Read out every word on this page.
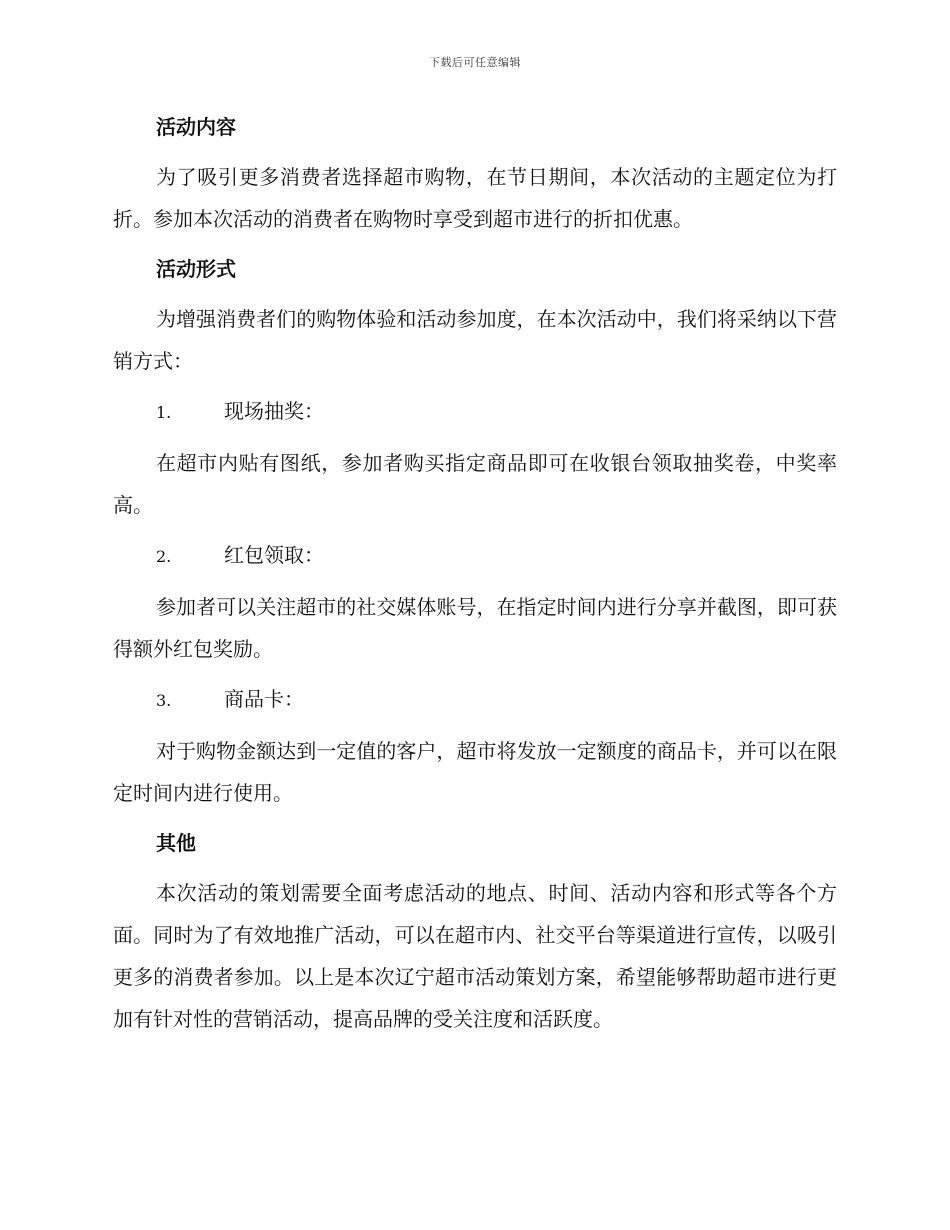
下载后可任意编辑
活动内容
为了吸引更多消费者选择超市购物，在节日期间，本次活动的主题定位为打折。参加本次活动的消费者在购物时享受到超市进行的折扣优惠。
活动形式
为增强消费者们的购物体验和活动参加度，在本次活动中，我们将采纳以下营销方式：
1.	现场抽奖：
在超市内贴有图纸，参加者购买指定商品即可在收银台领取抽奖卷，中奖率高。
2.	红包领取：
参加者可以关注超市的社交媒体账号，在指定时间内进行分享并截图，即可获得额外红包奖励。
3.	商品卡：
对于购物金额达到一定值的客户，超市将发放一定额度的商品卡，并可以在限定时间内进行使用。
其他
本次活动的策划需要全面考虑活动的地点、时间、活动内容和形式等各个方面。同时为了有效地推广活动，可以在超市内、社交平台等渠道进行宣传，以吸引更多的消费者参加。以上是本次辽宁超市活动策划方案，希望能够帮助超市进行更加有针对性的营销活动，提高品牌的受关注度和活跃度。
